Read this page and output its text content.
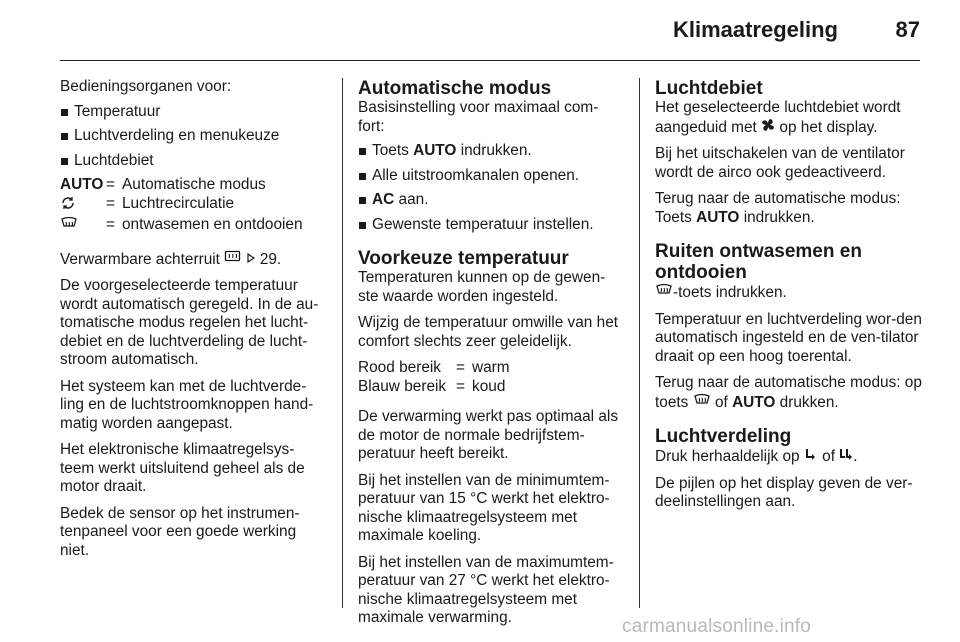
Klimaatregeling	87

Bedieningsorganen voor:

Temperatuur
Luchtverdeling en menukeuze
Luchtdebiet
AUTO = Automatische modus
= Luchtrecirculatie
= ontwasemen en ontdooien

Verwarmbare achterruit	29.

De voorgeselecteerde temperatuur wordt automatisch geregeld. In de au-tomatische modus regelen het lucht-debiet en de luchtverdeling de lucht-stroom automatisch.

Het systeem kan met de luchtverde-ling en de luchtstroomknoppen hand-matig worden aangepast.

Het elektronische klimaatregelsys-teem werkt uitsluitend geheel als de motor draait.

Bedek de sensor op het instrumen-tenpaneel voor een goede werking niet.

Automatische modus

Basisinstelling voor maximaal com-fort:

Toets AUTO indrukken.
Alle uitstroomkanalen openen.
AC aan.
Gewenste temperatuur instellen.
Voorkeuze temperatuur

Temperaturen kunnen op de gewen-ste waarde worden ingesteld.

Wijzig de temperatuur omwille van het comfort slechts zeer geleidelijk.

Rood bereik = warm
Blauw bereik = koud

De verwarming werkt pas optimaal als de motor de normale bedrijfstem-peratuur heeft bereikt.

Bij het instellen van de minimumtem-peratuur van 15 °C werkt het elektro-nische klimaatregelsysteem met maximale koeling.

Bij het instellen van de maximumtem-peratuur van 27 °C werkt het elektro-nische klimaatregelsysteem met maximale verwarming.

Luchtdebiet

Het geselecteerde luchtdebiet wordt aangeduid met op het display.

Bij het uitschakelen van de ventilator wordt de airco ook gedeactiveerd.

Terug naar de automatische modus: Toets AUTO indrukken.

Ruiten ontwasemen en ontdooien

-toets indrukken.

Temperatuur en luchtverdeling wor-den automatisch ingesteld en de ven-tilator draait op een hoog toerental.

Terug naar de automatische modus: op toets of AUTO drukken.

Luchtverdeling

Druk herhaaldelijk op of .

De pijlen op het display geven de ver-deelinstellingen aan.

carmanualsonline.info
